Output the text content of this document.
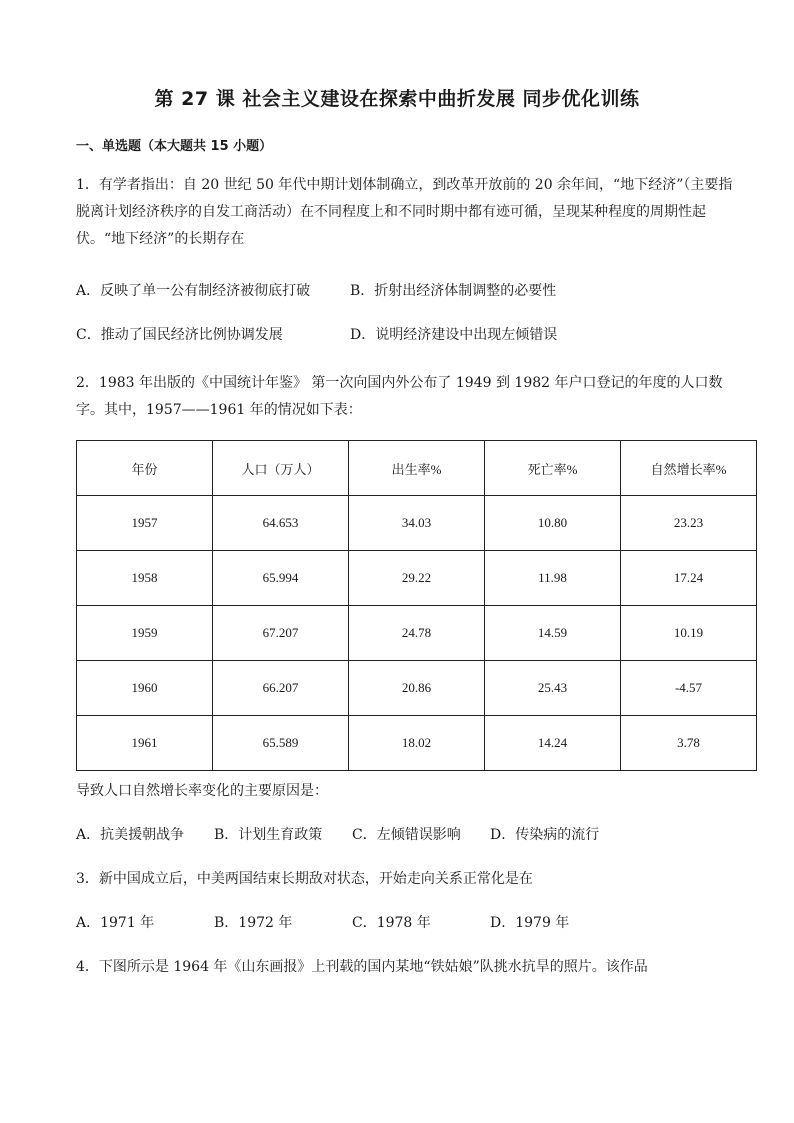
第 27 课 社会主义建设在探索中曲折发展 同步优化训练
一、单选题（本大题共 15 小题）
1．有学者指出：自 20 世纪 50 年代中期计划体制确立，到改革开放前的 20 余年间，“地下经济”（主要指
脱离计划经济秩序的自发工商活动）在不同程度上和不同时期中都有迹可循，呈现某种程度的周期性起
伏。“地下经济”的长期存在
A．反映了单一公有制经济被彻底打破	B．折射出经济体制调整的必要性
C．推动了国民经济比例协调发展	D．说明经济建设中出现左倾错误
2．1983 年出版的《中国统计年鉴》 第一次向国内外公布了 1949 到 1982 年户口登记的年度的人口数
字。其中，1957——1961 年的情况如下表：
年份	人口（万人）	出生率%	死亡率%	自然增长率%
1957	64.653	34.03	10.80	23.23
1958	65.994	29.22	11.98	17.24
1959	67.207	24.78	14.59	10.19
1960	66.207	20.86	25.43	-4.57
1961	65.589	18.02	14.24	3.78
导致人口自然增长率变化的主要原因是：
A．抗美援朝战争 B．计划生育政策 C．左倾错误影响 D．传染病的流行
3．新中国成立后，中美两国结束长期敌对状态，开始走向关系正常化是在
A．1971 年	B．1972 年	C．1978 年	D．1979 年
4．下图所示是 1964 年《山东画报》上刊载的国内某地“铁姑娘”队挑水抗旱的照片。该作品
